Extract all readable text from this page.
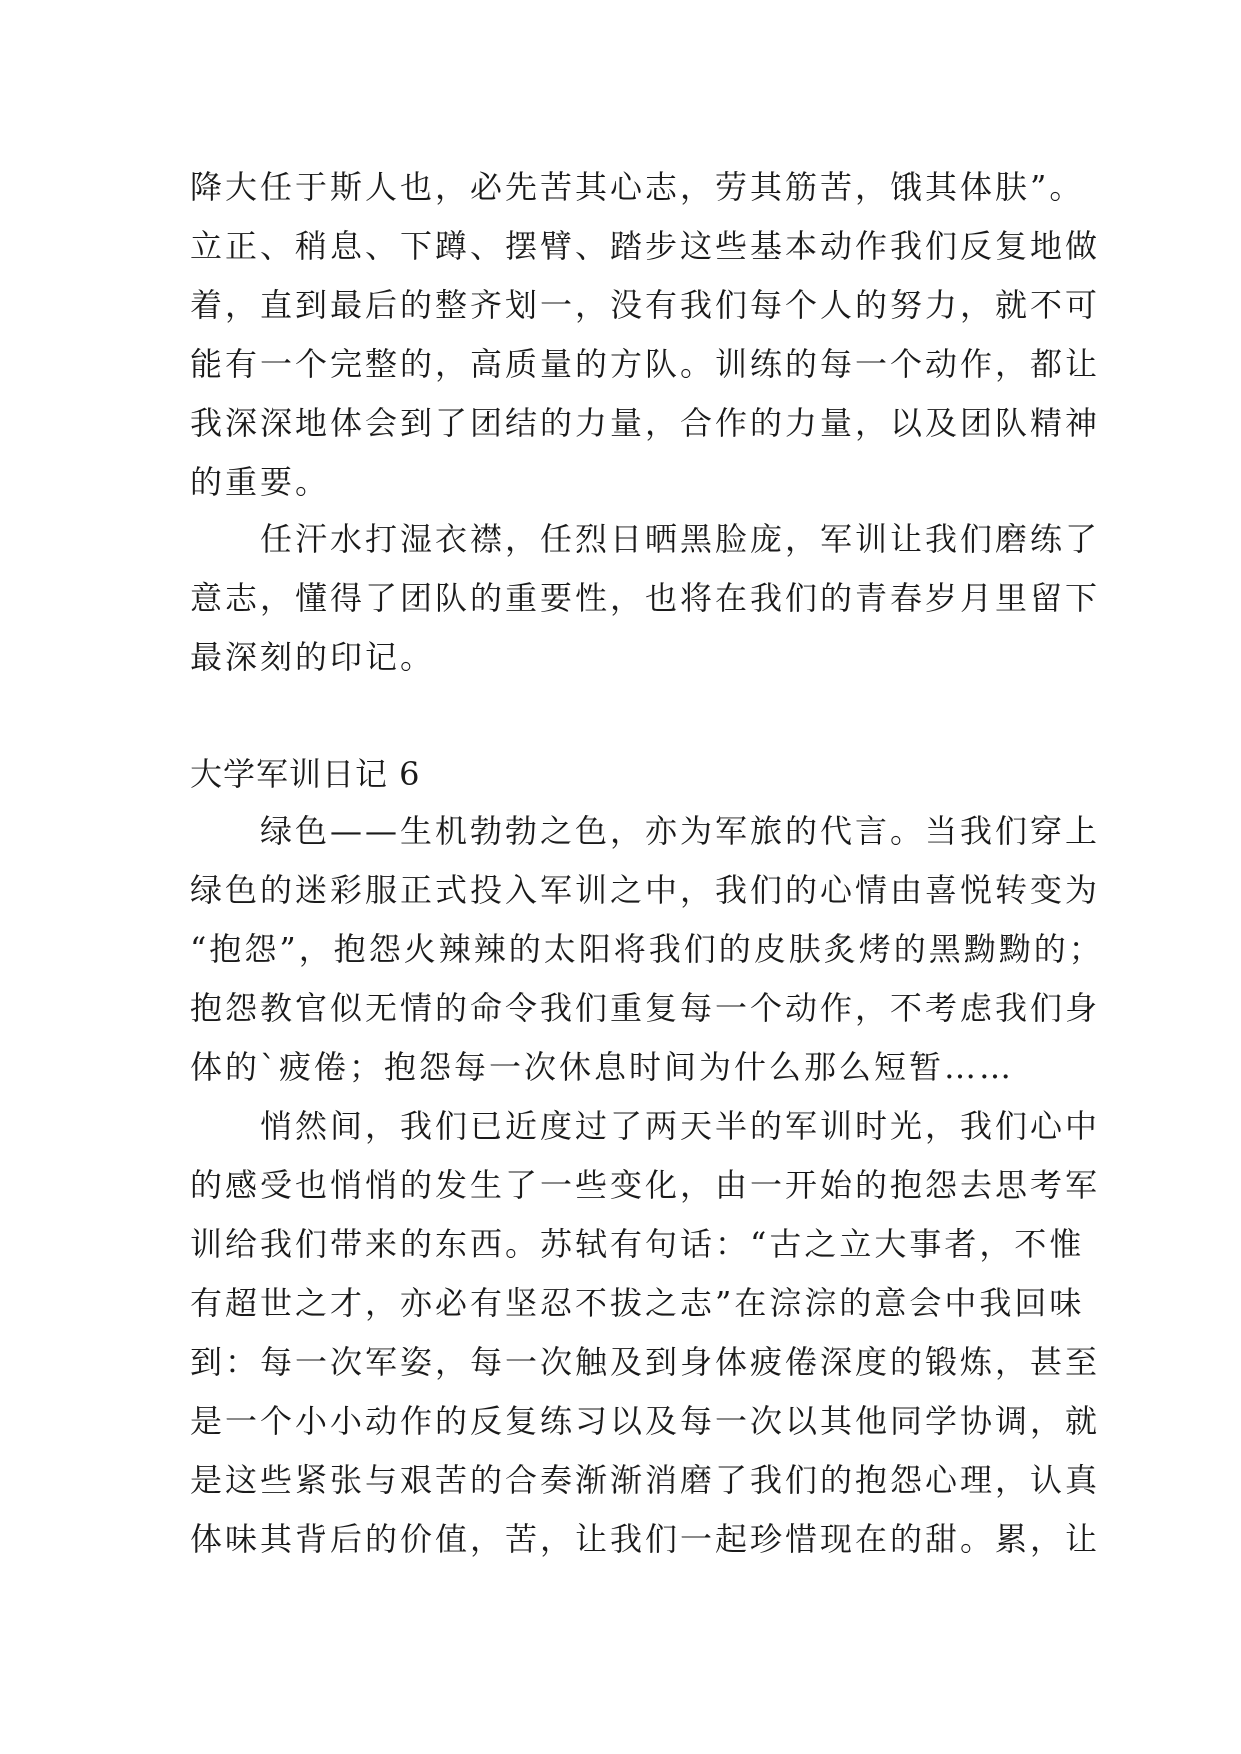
降大任于斯人也，必先苦其心志，劳其筋苦，饿其体肤”。
立正、稍息、下蹲、摆臂、踏步这些基本动作我们反复地做
着，直到最后的整齐划一，没有我们每个人的努力，就不可
能有一个完整的，高质量的方队。训练的每一个动作，都让
我深深地体会到了团结的力量，合作的力量，以及团队精神
的重要。
任汗水打湿衣襟，任烈日晒黑脸庞，军训让我们磨练了
意志，懂得了团队的重要性，也将在我们的青春岁月里留下
最深刻的印记。
大学军训日记 6
绿色——生机勃勃之色，亦为军旅的代言。当我们穿上
绿色的迷彩服正式投入军训之中，我们的心情由喜悦转变为
“抱怨”，抱怨火辣辣的太阳将我们的皮肤炙烤的黑黝黝的；
抱怨教官似无情的命令我们重复每一个动作，不考虑我们身
体的`疲倦；抱怨每一次休息时间为什么那么短暂……
悄然间，我们已近度过了两天半的军训时光，我们心中
的感受也悄悄的发生了一些变化，由一开始的抱怨去思考军
训给我们带来的东西。苏轼有句话：“古之立大事者，不惟
有超世之才，亦必有坚忍不拔之志”在淙淙的意会中我回味
到：每一次军姿，每一次触及到身体疲倦深度的锻炼，甚至
是一个小小动作的反复练习以及每一次以其他同学协调，就
是这些紧张与艰苦的合奏渐渐消磨了我们的抱怨心理，认真
体味其背后的价值，苦，让我们一起珍惜现在的甜。累，让
